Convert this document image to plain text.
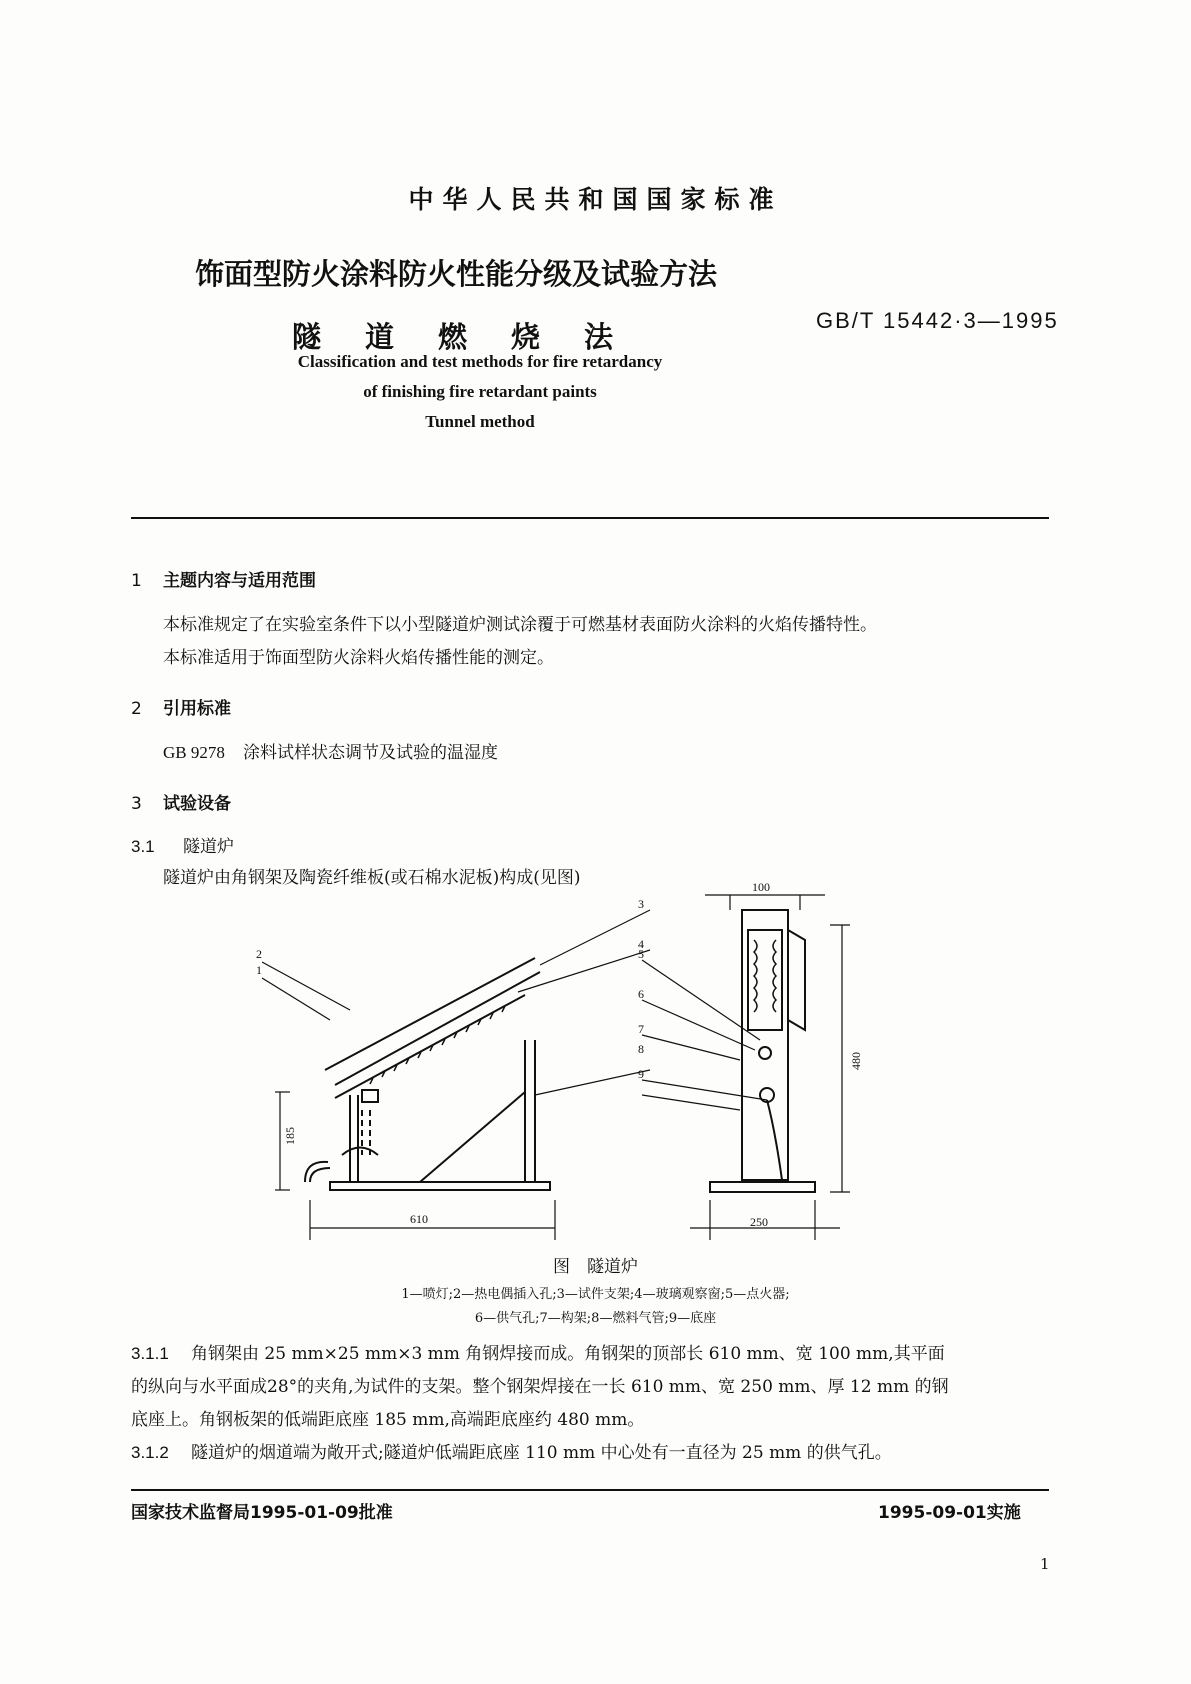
中华人民共和国国家标准
饰面型防火涂料防火性能分级及试验方法
隧道燃烧法	GB/T 15442·3—1995
Classification and test methods for fire retardancy
of finishing fire retardant paints
Tunnel method
1 主题内容与适用范围
本标准规定了在实验室条件下以小型隧道炉测试涂覆于可燃基材表面防火涂料的火焰传播特性。
本标准适用于饰面型防火涂料火焰传播性能的测定。
2 引用标准
GB 9278 涂料试样状态调节及试验的温湿度
3 试验设备
3.1 隧道炉
隧道炉由角钢架及陶瓷纤维板(或石棉水泥板)构成(见图)
2
1
3
4
5
6
7
8
9
610
100
250
185
480
图　隧道炉
1—喷灯;2—热电偶插入孔;3—试件支架;4—玻璃观察窗;5—点火器;
6—供气孔;7—构架;8—燃料气管;9—底座
3.1.1 角钢架由 25 mm×25 mm×3 mm 角钢焊接而成。角钢架的顶部长 610 mm、宽 100 mm,其平面
的纵向与水平面成28°的夹角,为试件的支架。整个钢架焊接在一长 610 mm、宽 250 mm、厚 12 mm 的钢
底座上。角钢板架的低端距底座 185 mm,高端距底座约 480 mm。
3.1.2 隧道炉的烟道端为敞开式;隧道炉低端距底座 110 mm 中心处有一直径为 25 mm 的供气孔。
国家技术监督局1995-01-09批准	1995-09-01实施
1
